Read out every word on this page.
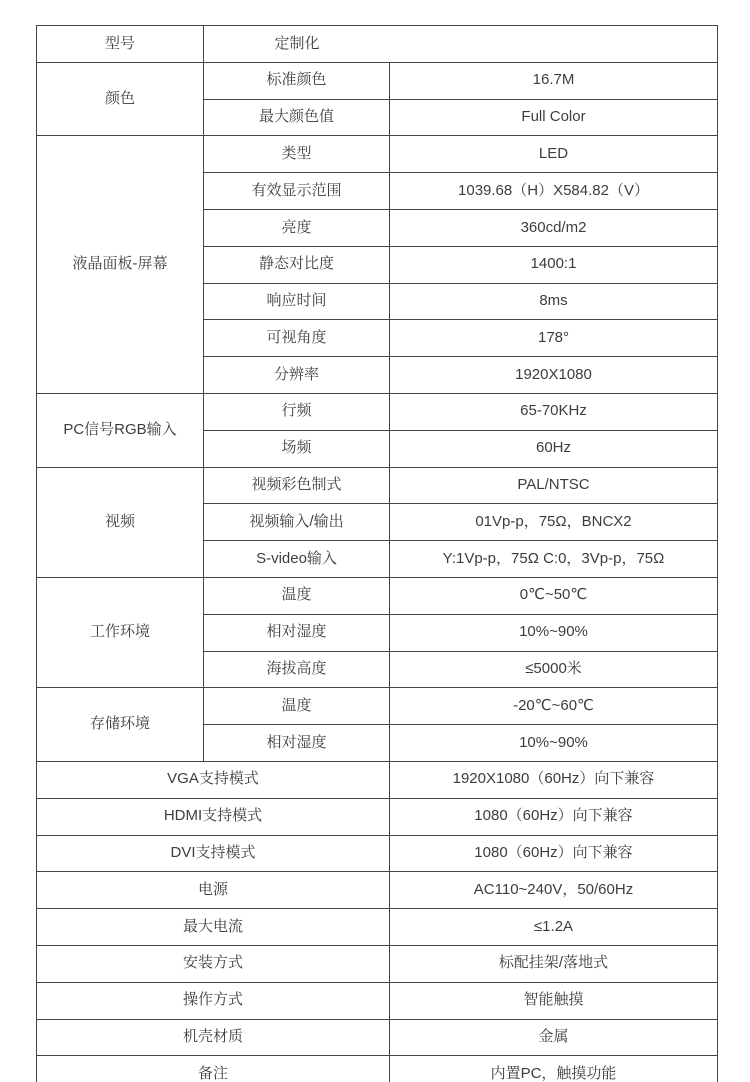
型号	定制化	
颜色	标准颜色	16.7M
	最大颜色值	Full Color
液晶面板-屏幕	类型	LED
	有效显示范围	1039.68（H）X584.82（V）
	亮度	360cd/m2
	静态对比度	1400:1
	响应时间	8ms
	可视角度	178°
	分辨率	1920X1080
PC信号RGB输入	行频	65-70KHz
	场频	60Hz
视频	视频彩色制式	PAL/NTSC
	视频输入/输出	01Vp-p，75Ω，BNCX2
	S-video输入	Y:1Vp-p，75Ω C:0，3Vp-p，75Ω
工作环境	温度	0℃~50℃
	相对湿度	10%~90%
	海拔高度	≤5000米
存储环境	温度	-20℃~60℃
	相对湿度	10%~90%
VGA支持模式		1920X1080（60Hz）向下兼容
HDMI支持模式		1080（60Hz）向下兼容
DVI支持模式		1080（60Hz）向下兼容
电源		AC110~240V，50/60Hz
最大电流		≤1.2A
安装方式		标配挂架/落地式
操作方式		智能触摸
机壳材质		金属
备注		内置PC，触摸功能
